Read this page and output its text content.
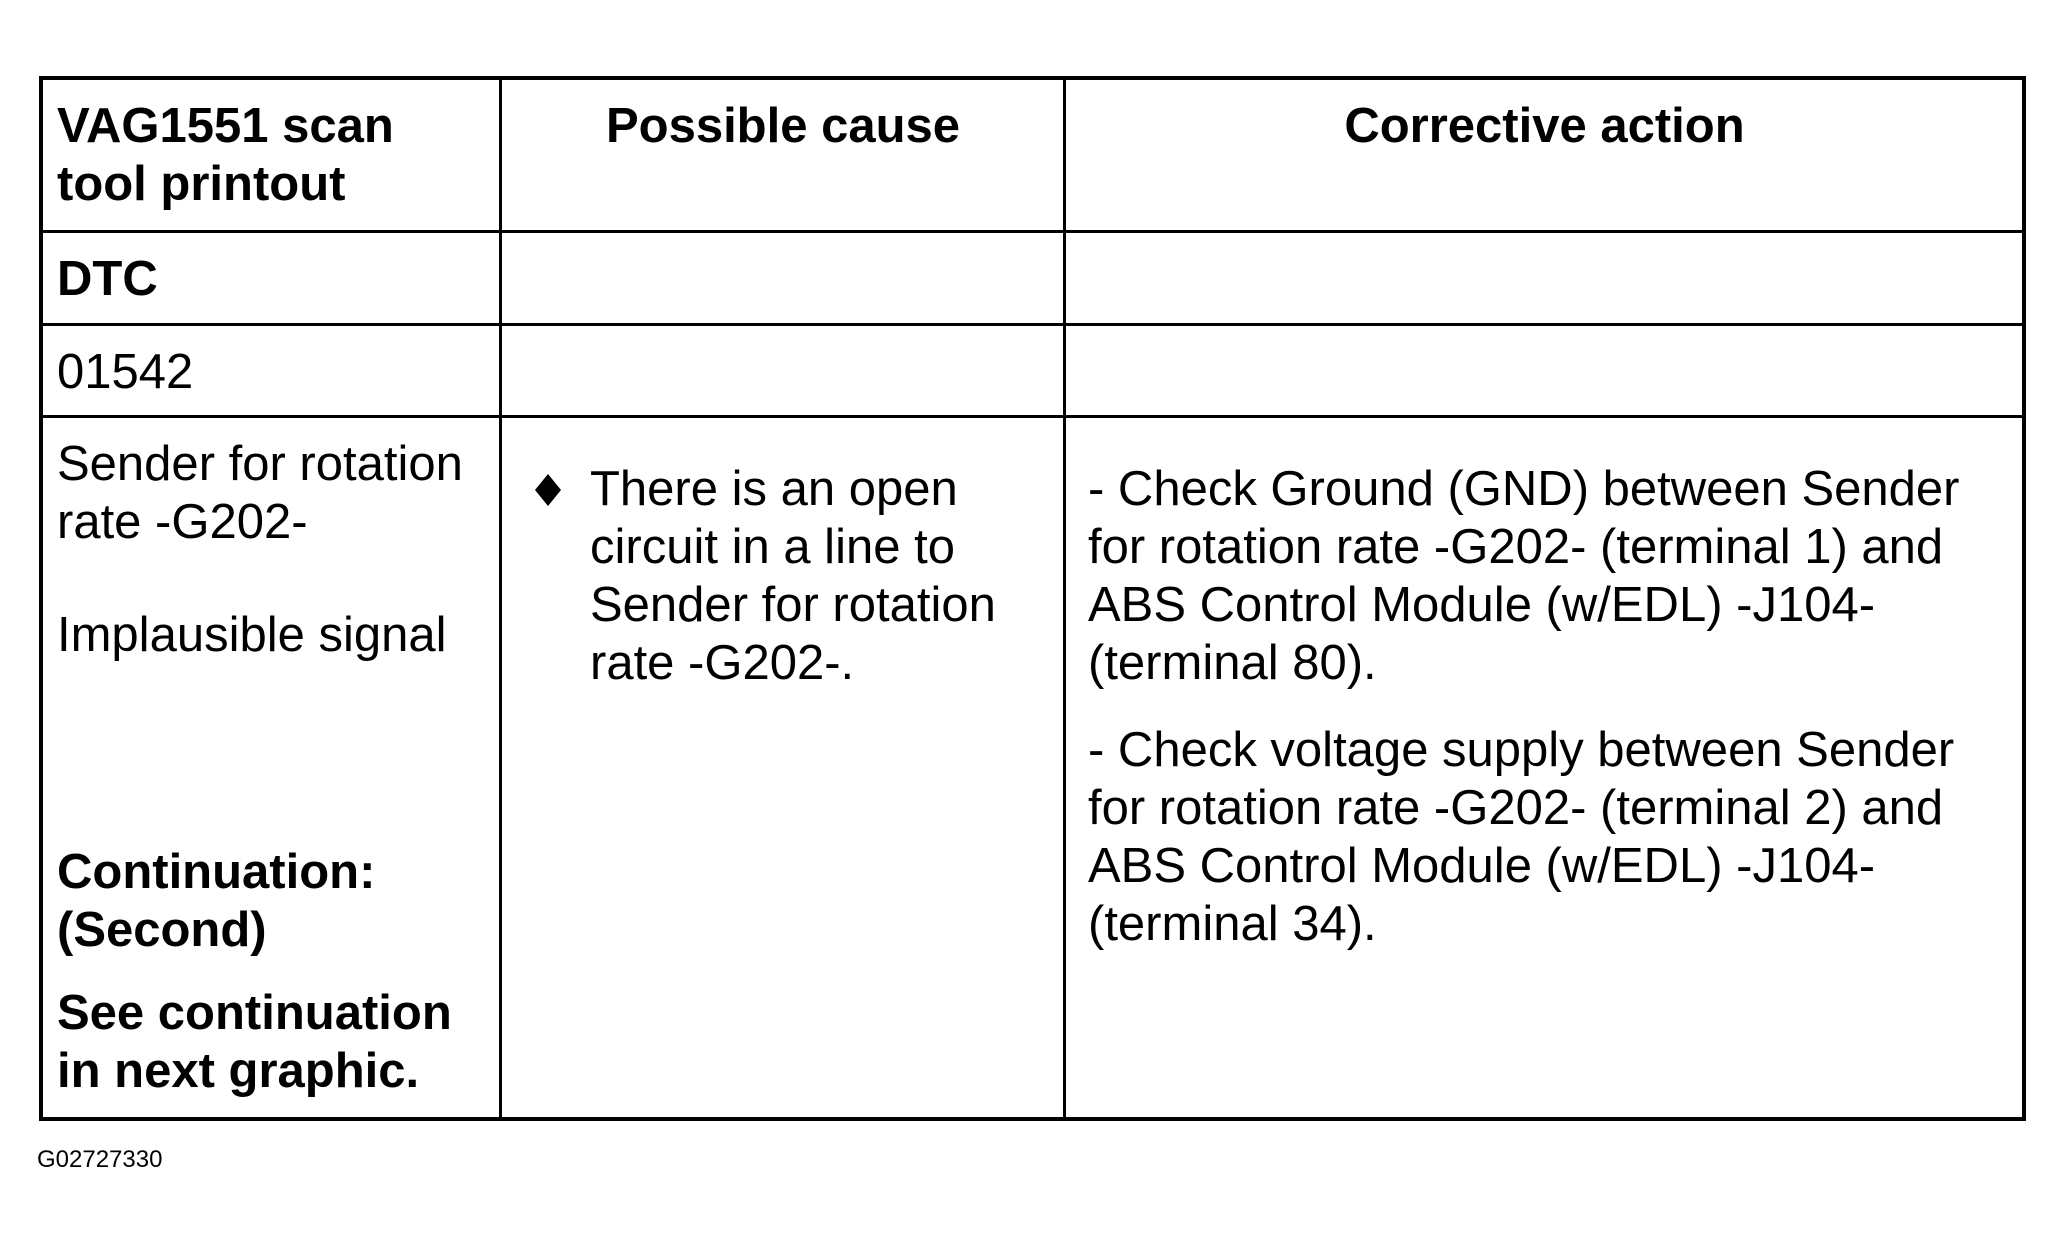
VAG1551 scan
tool printout
Possible cause	Corrective action
DTC
01542
Sender for rotation
rate -G202-
Implausible signal
Continuation:
(Second)
See continuation
in next graphic.
There is an open
circuit in a line to
Sender for rotation
rate -G202-.
- Check Ground (GND) between Sender
for rotation rate -G202- (terminal 1) and
ABS Control Module (w/EDL) -J104-
(terminal 80).
- Check voltage supply between Sender
for rotation rate -G202- (terminal 2) and
ABS Control Module (w/EDL) -J104-
(terminal 34).
G02727330
